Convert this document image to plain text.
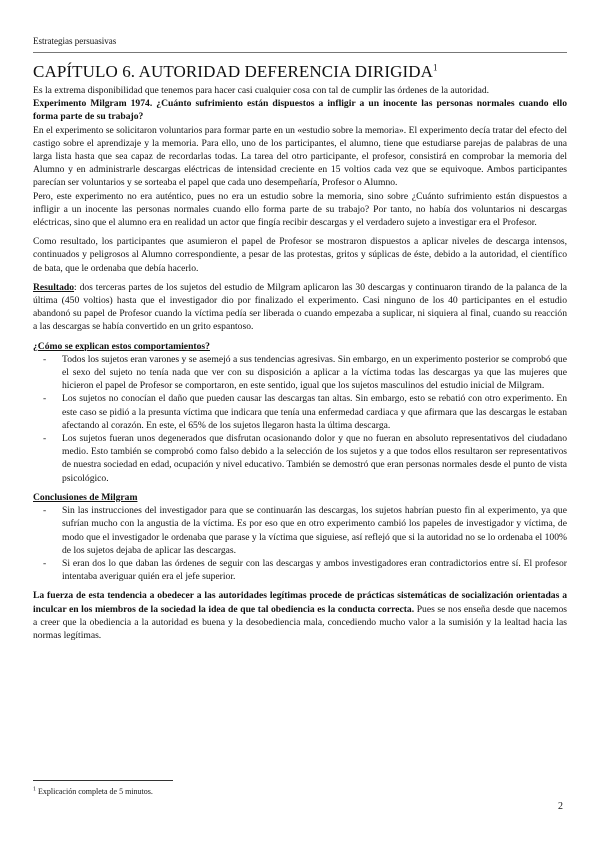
Estrategias persuasivas
CAPÍTULO 6. AUTORIDAD DEFERENCIA DIRIGIDA$^1$

Es la extrema disponibilidad que tenemos para hacer casi cualquier cosa con tal de cumplir las órdenes de la autoridad.

Experimento Milgram 1974. ¿Cuánto sufrimiento están dispuestos a infligir a un inocente las personas normales cuando ello forma parte de su trabajo?

En el experimento se solicitaron voluntarios para formar parte en un «estudio sobre la memoria». El experimento decía tratar del efecto del castigo sobre el aprendizaje y la memoria. Para ello, uno de los participantes, el alumno, tiene que estudiarse parejas de palabras de una larga lista hasta que sea capaz de recordarlas todas. La tarea del otro participante, el profesor, consistirá en comprobar la memoria del Alumno y en administrarle descargas eléctricas de intensidad creciente en 15 voltios cada vez que se equivoque. Ambos participantes parecían ser voluntarios y se sorteaba el papel que cada uno desempeñaría, Profesor o Alumno.

Pero, este experimento no era auténtico, pues no era un estudio sobre la memoria, sino sobre ¿Cuánto sufrimiento están dispuestos a infligir a un inocente las personas normales cuando ello forma parte de su trabajo? Por tanto, no había dos voluntarios ni descargas eléctricas, sino que el alumno era en realidad un actor que fingía recibir descargas y el verdadero sujeto a investigar era el Profesor.

Como resultado, los participantes que asumieron el papel de Profesor se mostraron dispuestos a aplicar niveles de descarga intensos, continuados y peligrosos al Alumno correspondiente, a pesar de las protestas, gritos y súplicas de éste, debido a la autoridad, el científico de bata, que le ordenaba que debía hacerlo.

Resultado: dos terceras partes de los sujetos del estudio de Milgram aplicaron las 30 descargas y continuaron tirando de la palanca de la última (450 voltios) hasta que el investigador dio por finalizado el experimento. Casi ninguno de los 40 participantes en el estudio abandonó su papel de Profesor cuando la víctima pedía ser liberada o cuando empezaba a suplicar, ni siquiera al final, cuando su reacción a las descargas se había convertido en un grito espantoso.

¿Cómo se explican estos comportamientos?

- Todos los sujetos eran varones y se asemejó a sus tendencias agresivas. Sin embargo, en un experimento posterior se comprobó que el sexo del sujeto no tenía nada que ver con su disposición a aplicar a la víctima todas las descargas ya que las mujeres que hicieron el papel de Profesor se comportaron, en este sentido, igual que los sujetos masculinos del estudio inicial de Milgram.
- Los sujetos no conocían el daño que pueden causar las descargas tan altas. Sin embargo, esto se rebatió con otro experimento. En este caso se pidió a la presunta víctima que indicara que tenía una enfermedad cardiaca y que afirmara que las descargas le estaban afectando al corazón. En este, el 65% de los sujetos llegaron hasta la última descarga.
- Los sujetos fueran unos degenerados que disfrutan ocasionando dolor y que no fueran en absoluto representativos del ciudadano medio. Esto también se comprobó como falso debido a la selección de los sujetos y a que todos ellos resultaron ser representativos de nuestra sociedad en edad, ocupación y nivel educativo. También se demostró que eran personas normales desde el punto de vista psicológico.

Conclusiones de Milgram

- Sin las instrucciones del investigador para que se continuarán las descargas, los sujetos habrían puesto fin al experimento, ya que sufrían mucho con la angustia de la víctima. Es por eso que en otro experimento cambió los papeles de investigador y víctima, de modo que el investigador le ordenaba que parase y la víctima que siguiese, así reflejó que si la autoridad no se lo ordenaba el 100% de los sujetos dejaba de aplicar las descargas.
- Si eran dos lo que daban las órdenes de seguir con las descargas y ambos investigadores eran contradictorios entre sí. El profesor intentaba averiguar quién era el jefe superior.

La fuerza de esta tendencia a obedecer a las autoridades legítimas procede de prácticas sistemáticas de socialización orientadas a inculcar en los miembros de la sociedad la idea de que tal obediencia es la conducta correcta. Pues se nos enseña desde que nacemos a creer que la obediencia a la autoridad es buena y la desobediencia mala, concediendo mucho valor a la sumisión y la lealtad hacia las normas legítimas.

$^1$ Explicación completa de 5 minutos.
2
